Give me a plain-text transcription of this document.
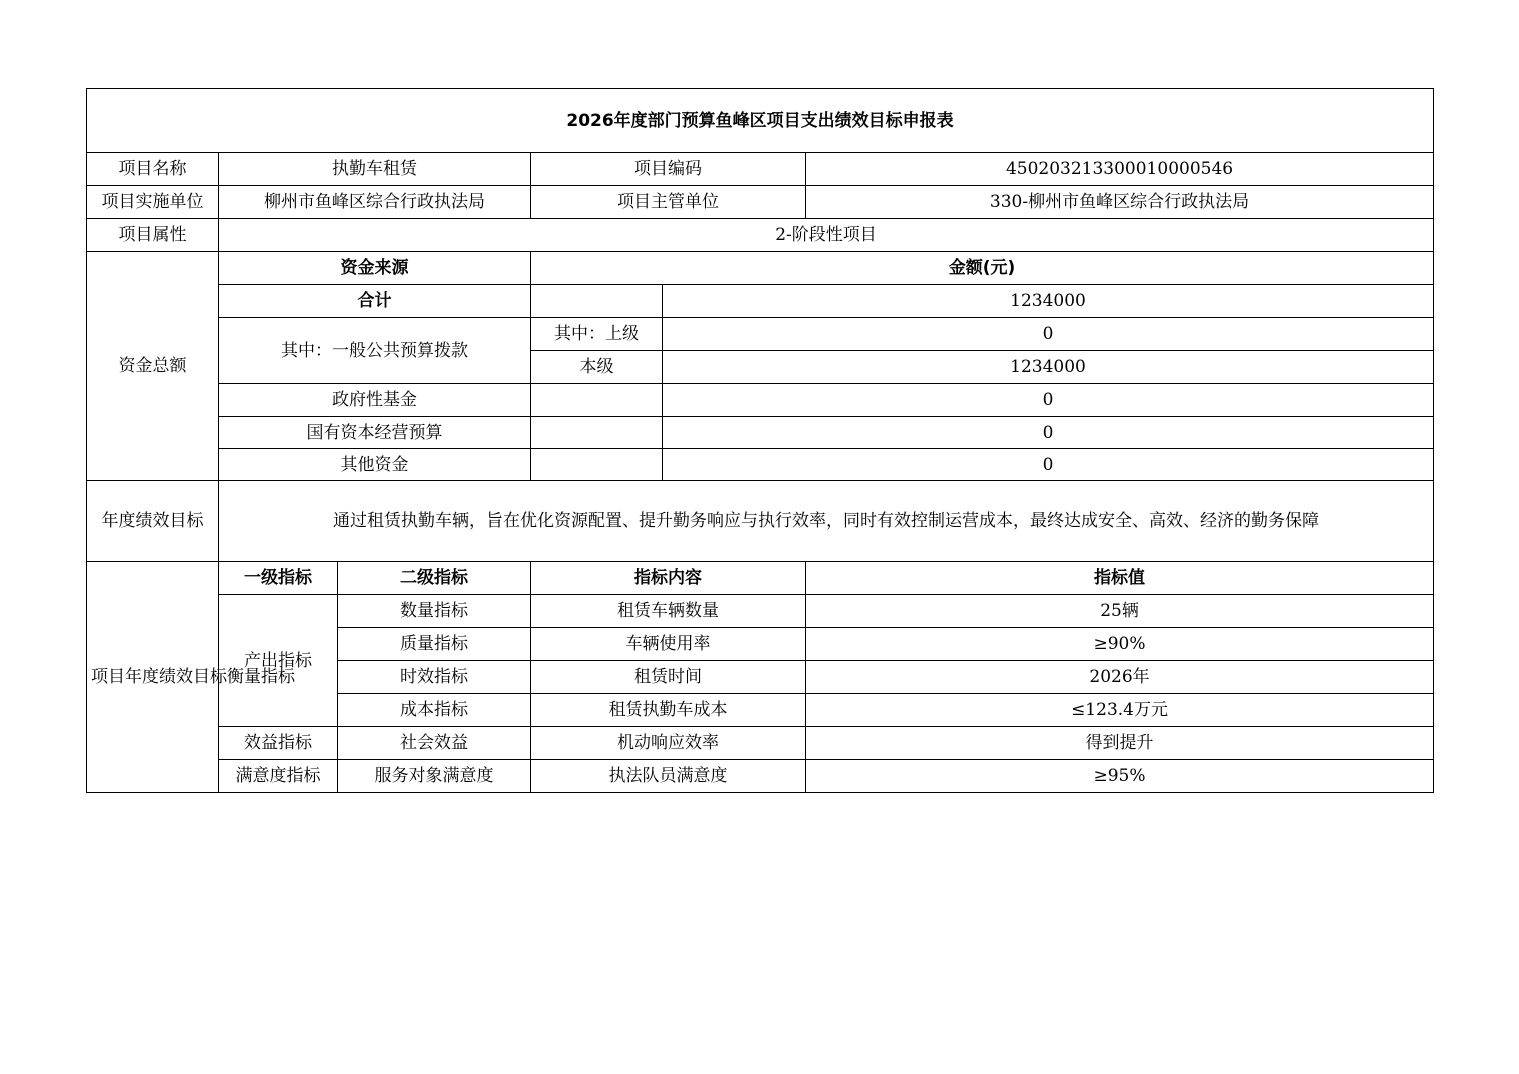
2026年度部门预算鱼峰区项目支出绩效目标申报表					
项目名称	执勤车租赁		项目编码		450203213300010000546
项目实施单位	柳州市鱼峰区综合行政执法局		项目主管单位		330-柳州市鱼峰区综合行政执法局
项目属性	2-阶段性项目				
资金总额	资金来源		金额(元)		
	合计			1234000	
	其中：一般公共预算拨款		其中：上级	0	
			本级	1234000	
	政府性基金			0	
	国有资本经营预算			0	
	其他资金			0	
年度绩效目标	通过租赁执勤车辆，旨在优化资源配置、提升勤务响应与执行效率，同时有效控制运营成本，最终达成安全、高效、经济的勤务保障				
项目年度绩效目标衡量指标	一级指标	二级指标	指标内容		指标值
	产出指标	数量指标	租赁车辆数量		25辆
		质量指标	车辆使用率		≥90%
		时效指标	租赁时间		2026年
		成本指标	租赁执勤车成本		≤123.4万元
	效益指标	社会效益	机动响应效率		得到提升
	满意度指标	服务对象满意度	执法队员满意度		≥95%
